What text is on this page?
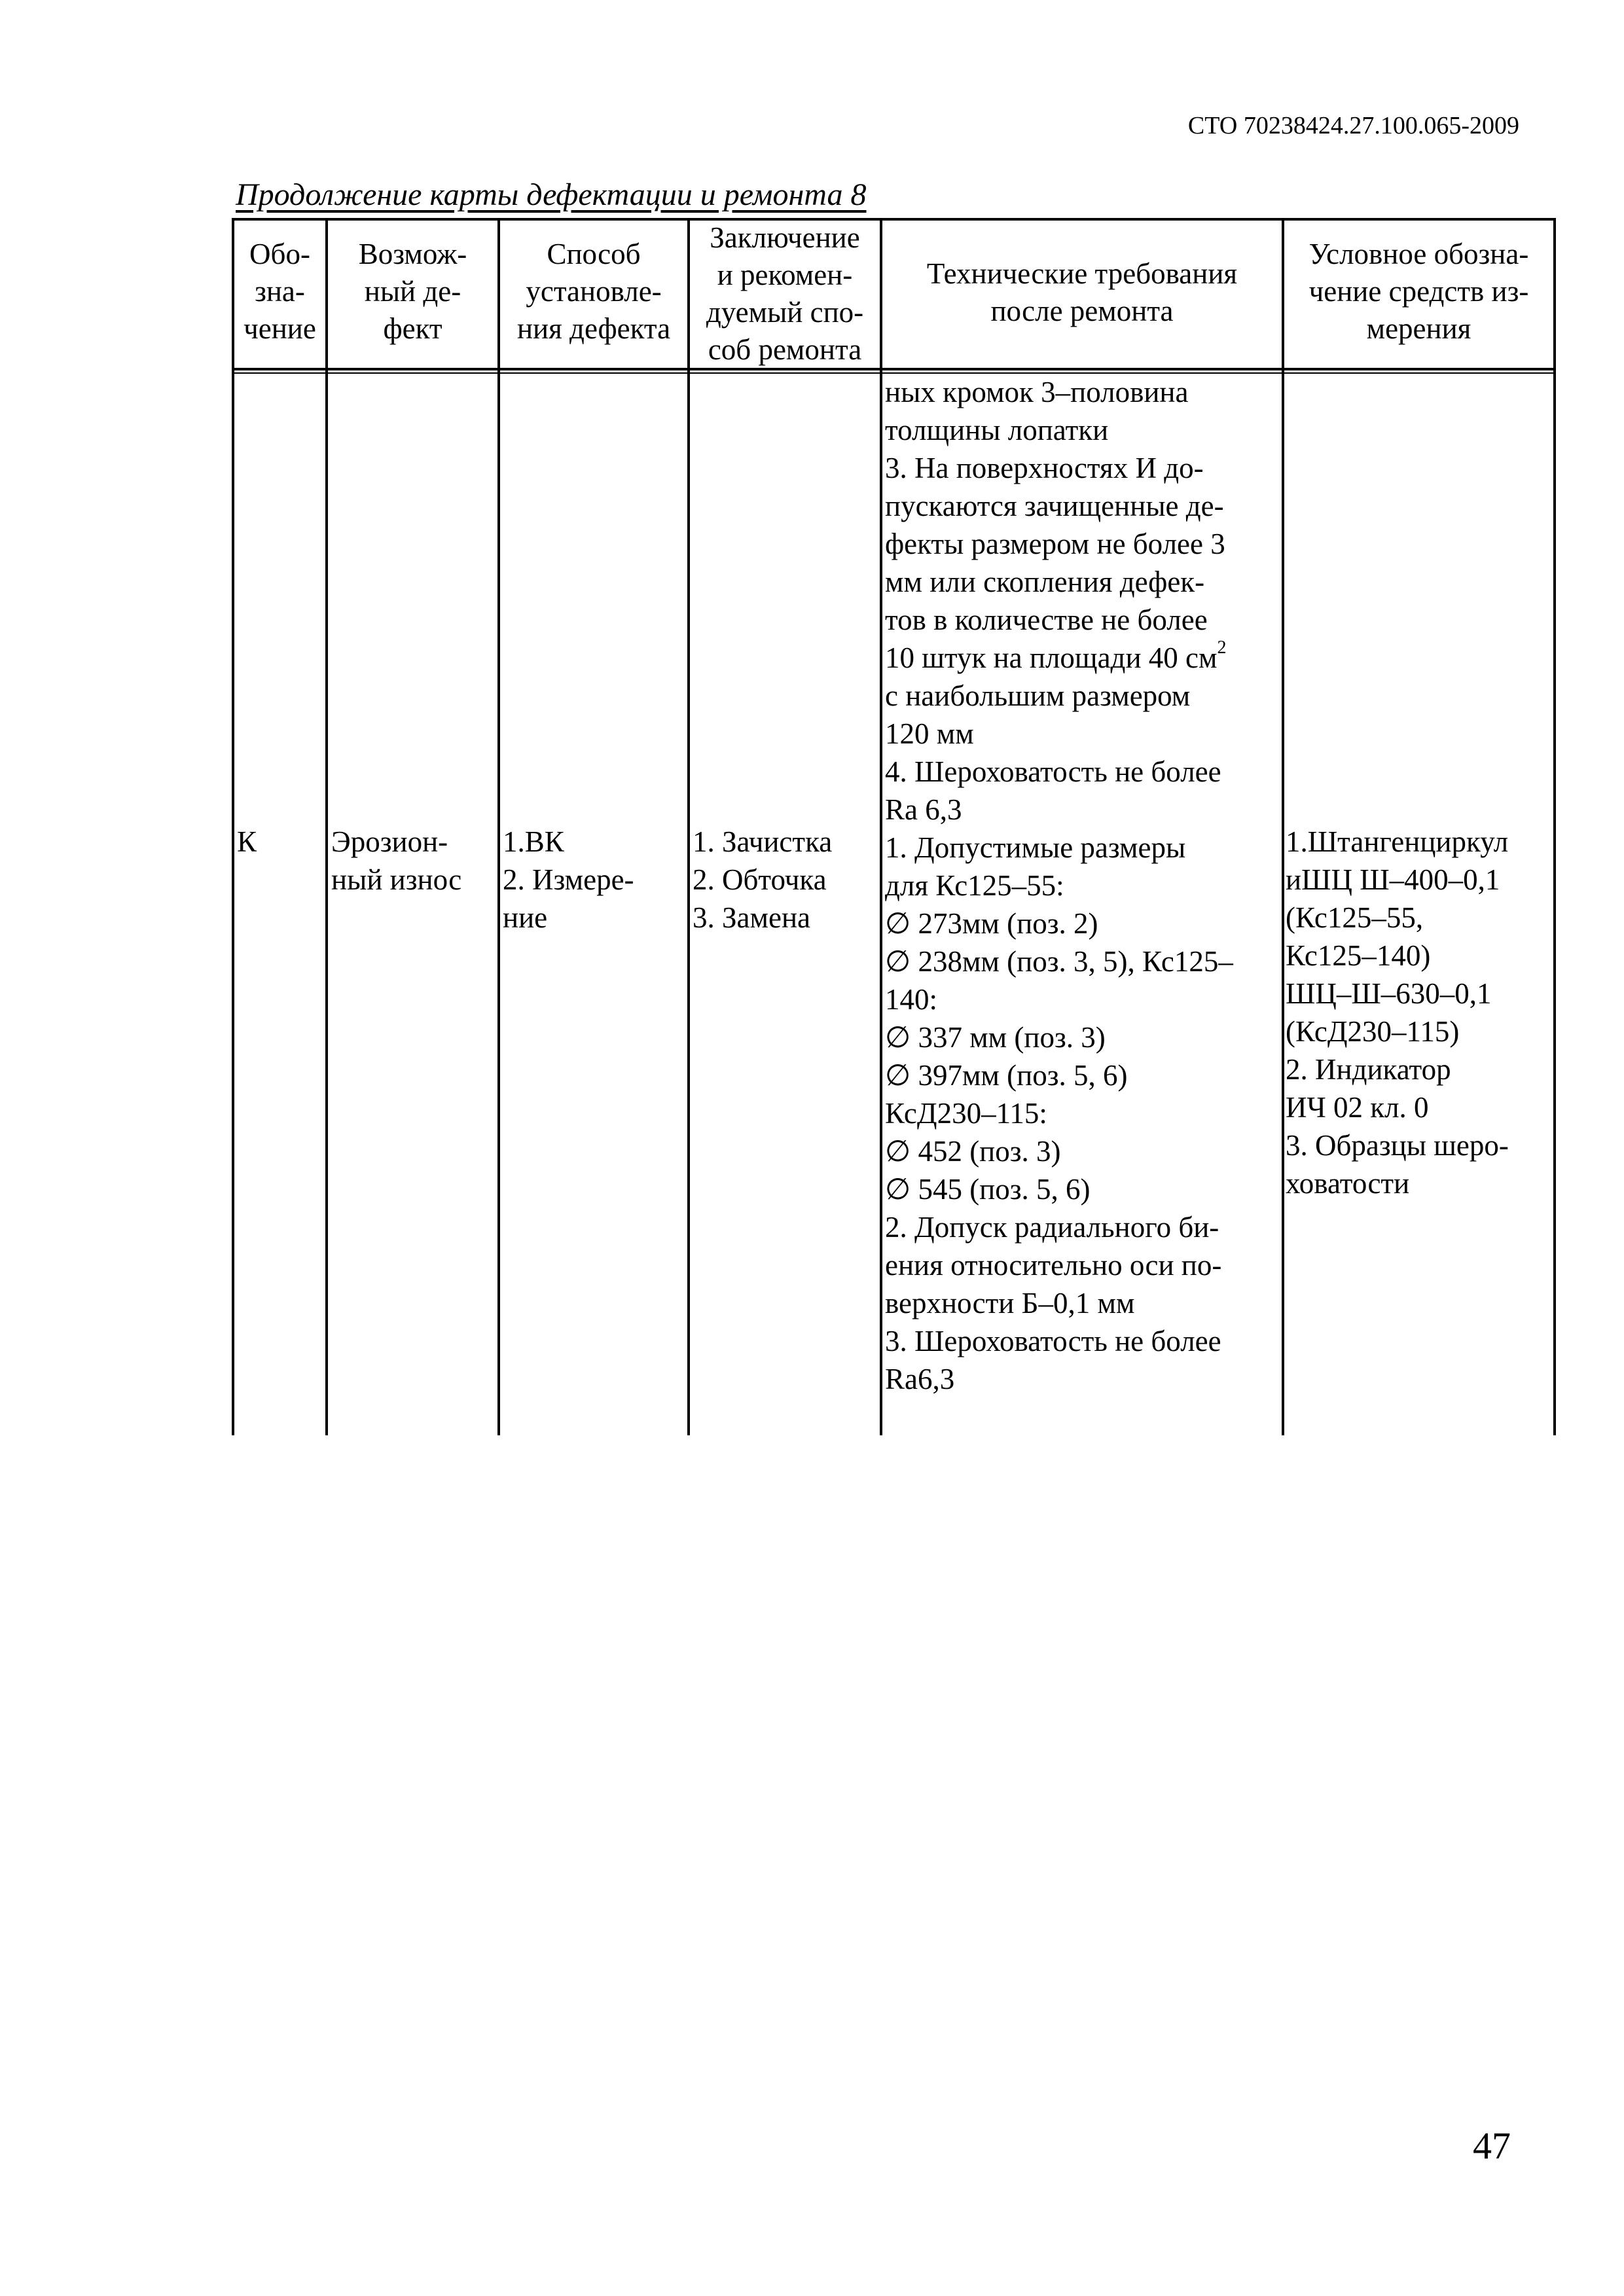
СТО 70238424.27.100.065-2009
Продолжение карты дефектации и ремонта 8
Обо-
зна-
чение
Возмож-
ный де-
фект
Способ
установле-
ния дефекта
Заключение
и рекомен-
дуемый спо-
соб ремонта
Технические требования
после ремонта
Условное обозна-
чение средств из-
мерения
К	Эрозион-
ный износ
1.ВК
2. Измере-
ние
1. Зачистка
2. Обточка
3. Замена
ных кромок 3–половина
толщины лопатки
3. На поверхностях И до-
пускаются зачищенные де-
фекты размером не более 3
мм или скопления дефек-
тов в количестве не более
10 штук на площади 40 $см^2$
с наибольшим размером
120 мм
4. Шероховатость не более
Ra 6,3
1. Допустимые размеры
для Кс125–55:
∅ 273мм (поз. 2)
∅ 238мм (поз. 3, 5), Кс125–
140:
∅ 337 мм (поз. 3)
∅ 397мм (поз. 5, 6)
КсД230–115:
∅ 452 (поз. 3)
∅ 545 (поз. 5, 6)
2. Допуск радиального би-
ения относительно оси по-
верхности Б–0,1 мм
3. Шероховатость не более
Ra6,3
1.Штангенциркул
иШЦ Ш–400–0,1
(Кс125–55,
Кс125–140)
ШЦ–Ш–630–0,1
(КсД230–115)
2. Индикатор
ИЧ 02 кл. 0
3. Образцы шеро-
ховатости
47
